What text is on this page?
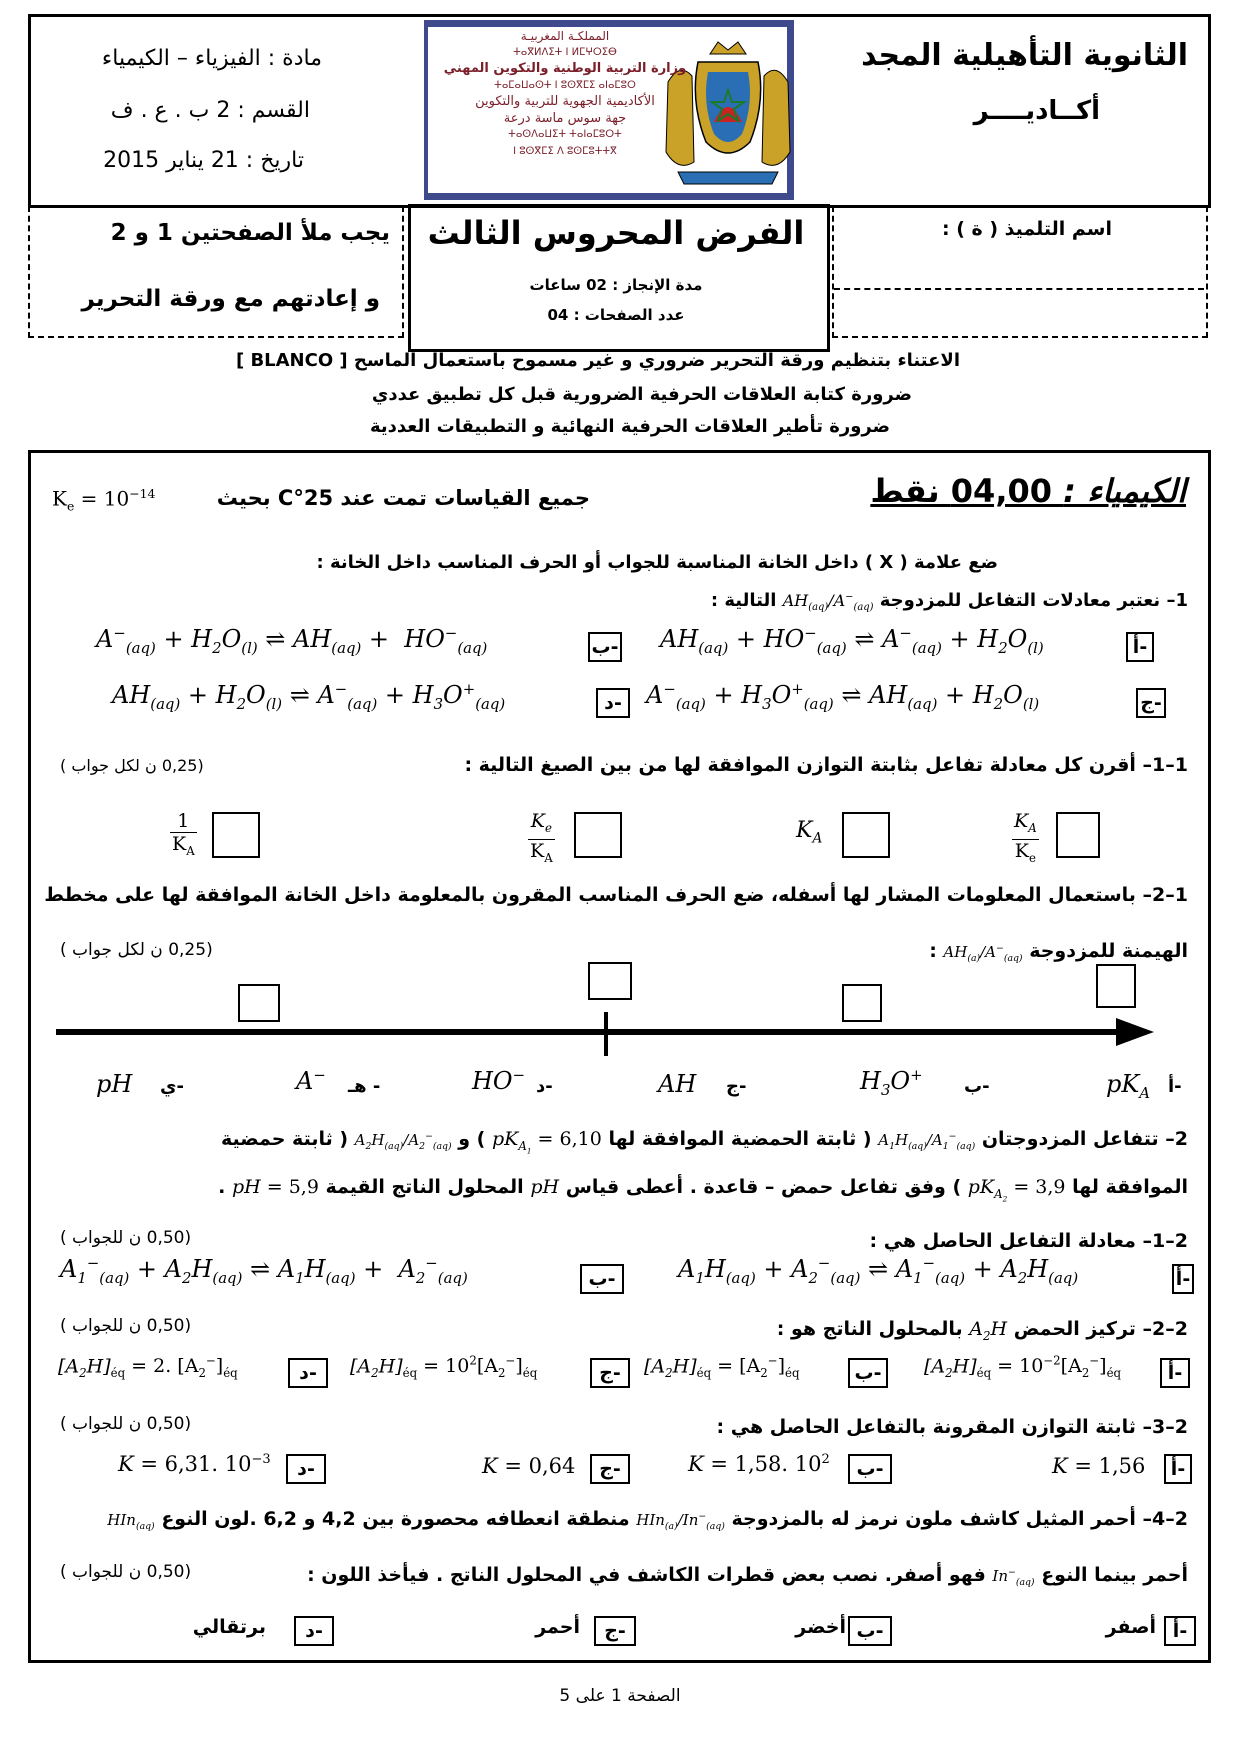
الثانوية التأهيلية المجد
أكــاديــــر
مادة : الفيزياء – الكيمياء
القسم : 2 ب . ع . ف
تاريخ : 21 يناير 2015
المملكـة المغربيـة
ⵜⴰⴳⵍⴷⵉⵜ ⵏ ⵍⵎⵖⵔⵉⴱ
وزارة التربية الوطنية والتكوين المهني
ⵜⴰⵎⴰⵡⴰⵙⵜ ⵏ ⵓⵙⴳⵎⵉ ⴰⵏⴰⵎⵓⵔ
الأكاديمية الجهوية للتربية والتكوين
جهة سوس ماسة درعة
ⵜⴰⵙⴷⴰⵡⵉⵜ ⵜⴰⵏⴰⵎⵓⵔⵜ
ⵏ ⵓⵙⴳⵎⵉ ⴷ ⵓⵙⵎⵓⵜⵜⴳ
يجب ملأ الصفحتين 1 و 2
و إعادتهم مع ورقة التحرير
الفرض المحروس الثالث
مدة الإنجاز : 02 ساعات
عدد الصفحات : 04
اسم التلميذ ( ة ) :
الاعتناء بتنظيم ورقة التحرير ضروري و غير مسموح باستعمال الماسح [ BLANCO ]
ضرورة كتابة العلاقات الحرفية الضرورية قبل كل تطبيق عددي
ضرورة تأطير العلاقات الحرفية النهائية و التطبيقات العددية
الكيمياء : 04,00 نقط
جميع القياسات تمت عند 25°C بحيث
$K_e = 10^{-14}$
ضع علامة ( X ) داخل الخانة المناسبة للجواب أو الحرف المناسب داخل الخانة :
1– نعتبر معادلات التفاعل للمزدوجة $AH_{(aq)}/A^-_{(aq)}$ التالية :
أ-
$AH_{(aq)} + HO^-_{(aq)}$ ⇌ $A^-_{(aq)} + H_2O_{(l)}$
ب-
$A^-_{(aq)} + H_2O_{(l)}$ ⇌ $AH_{(aq)} + HO^-_{(aq)}$
ج-
$A^-_{(aq)} + H_3O^+_{(aq)}$ ⇌ $AH_{(aq)} + H_2O_{(l)}$
د-
$AH_{(aq)} + H_2O_{(l)}$ ⇌ $A^-_{(aq)} + H_3O^+_{(aq)}$
1–1– أقرن كل معادلة تفاعل بثابتة التوازن الموافقة لها من بين الصيغ التالية :
(0,25 ن لكل جواب )
$\frac{1}{K_A}$	$\frac{K_e}{K_A}$	$K_A$	$\frac{K_A}{K_e}$
1–2– باستعمال المعلومات المشار لها أسفله، ضع الحرف المناسب المقرون بالمعلومة داخل الخانة الموافقة لها على مخطط
الهيمنة للمزدوجة $AH_{(a)}/A^-_{(aq)}$ :
(0,25 ن لكل جواب )
أ-
$pK_A$
ب-
$H_3O^+$
ج-
AH
د-
HO−
هـ -
A−
ي-
pH
2– تتفاعل المزدوجتان $A_1H_{(aq)}/A_1^-_{(aq)}$ ( ثابتة الحمضية الموافقة لها $pK_{A_1} = 6,10$ ) و $A_2H_{(aq)}/A_2^-_{(aq)}$ ( ثابتة حمضية
الموافقة لها $pK_{A_2} = 3,9$ ) وفق تفاعل حمض – قاعدة . أعطى قياس pH المحلول الناتج القيمة pH = 5,9 .
2–1– معادلة التفاعل الحاصل هي :
(0,50 ن للجواب )
أ-
$A_1H_{(aq)} + A_2^-_{(aq)}$ ⇌ $A_1^-_{(aq)} + A_2H_{(aq)}$
ب-
$A_1^-_{(aq)} + A_2H_{(aq)}$ ⇌ $A_1H_{(aq)} + A_2^-_{(aq)}$
2–2– تركيز الحمض $A_2H$ بالمحلول الناتج هو :
(0,50 ن للجواب )
أ-
$[A_2H]_{éq} = 10^{-2}[A_2^-]_{éq}$
ب-
$[A_2H]_{éq} = [A_2^-]_{éq}$
ج-
$[A_2H]_{éq} = 10^2[A_2^-]_{éq}$
د-
$[A_2H]_{éq} = 2$. $[A_2^-]_{éq}$
2–3– ثابتة التوازن المقرونة بالتفاعل الحاصل هي :
(0,50 ن للجواب )
أ-
K = 1,56
ب-
K = 1,58. $10^2$
ج-
K = 0,64
د-
K = 6,31. $10^{-3}$
2–4– أحمر المثيل كاشف ملون نرمز له بالمزدوجة $HIn_{(a)}/In^-_{(aq)}$ منطقة انعطافه محصورة بين 4,2 و 6,2 .لون النوع HIn$_{(aq)}$
أحمر بينما النوع $In^-_{(aq)}$ فهو أصفر. نصب بعض قطرات الكاشف في المحلول الناتج . فيأخذ اللون :
(0,50 ن للجواب )
أ-
أصفر
ب-
أخضر
ج-
أحمر
د-
برتقالي
الصفحة 1 على 5
